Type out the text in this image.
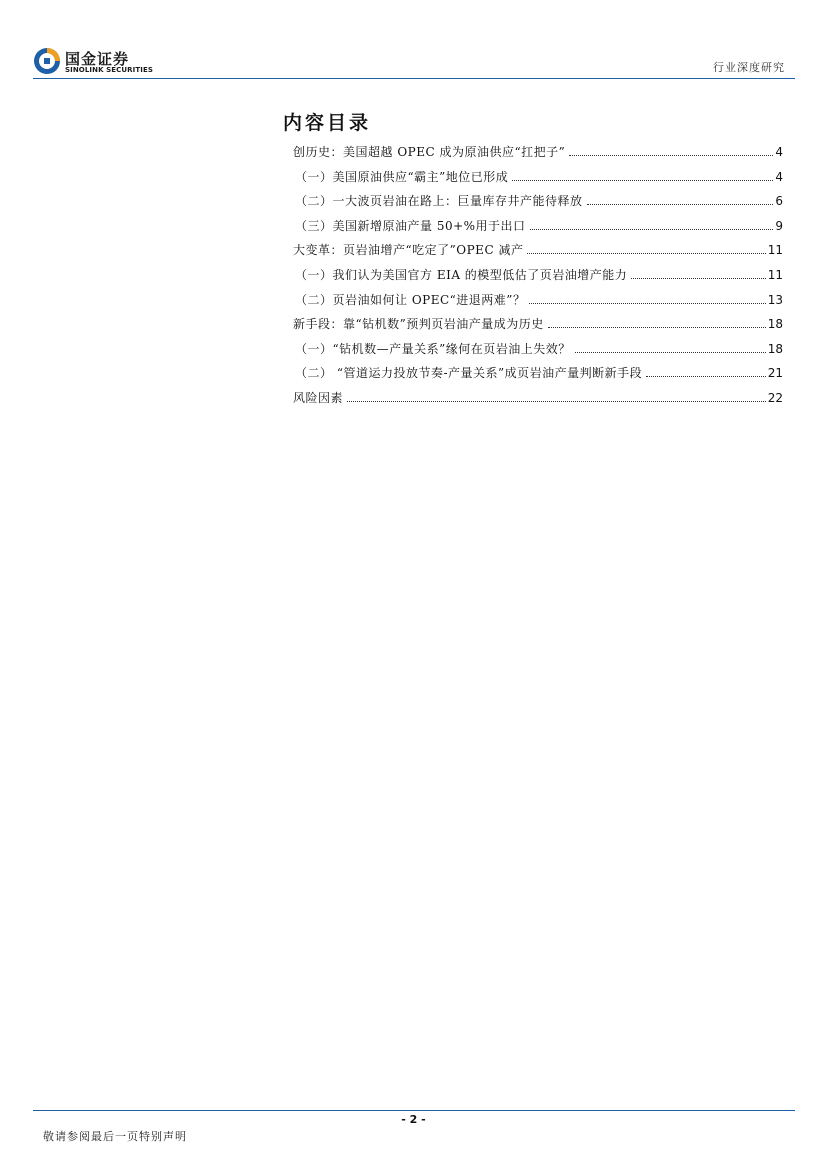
国金证券
SINOLINK SECURITIES	行业深度研究
内容目录
创历史：美国超越 OPEC 成为原油供应“扛把子”	4
（一）美国原油供应“霸主”地位已形成	4
（二）一大波页岩油在路上：巨量库存井产能待释放	6
（三）美国新增原油产量 50+%用于出口	9
大变革：页岩油增产“吃定了”OPEC 减产	11
（一）我们认为美国官方 EIA 的模型低估了页岩油增产能力	11
（二）页岩油如何让 OPEC“进退两难”？	13
新手段：靠“钻机数”预判页岩油产量成为历史	18
（一）“钻机数—产量关系”缘何在页岩油上失效？	18
（二） “管道运力投放节奏-产量关系”成页岩油产量判断新手段	21
风险因素	22
- 2 -
敬请参阅最后一页特别声明
